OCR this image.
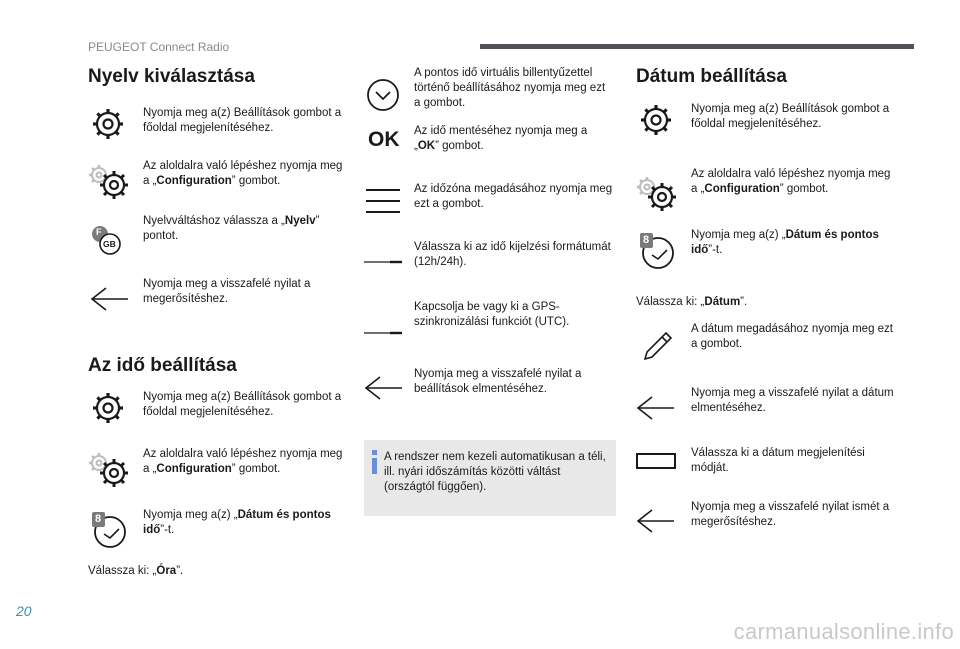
PEUGEOT Connect Radio
Nyelv kiválasztása
Nyomja meg a(z) Beállítások gombot a főoldal megjelenítéséhez.
Az aloldalra való lépéshez nyomja meg a „Configuration” gombot.
F
GB
Nyelvváltáshoz válassza a „Nyelv” pontot.
Nyomja meg a visszafelé nyilat a megerősítéshez.
Az idő beállítása
Nyomja meg a(z) Beállítások gombot a főoldal megjelenítéséhez.
Az aloldalra való lépéshez nyomja meg a „Configuration” gombot.
8	Nyomja meg a(z) „Dátum és pontos idő”-t.
Válassza ki: „Óra”.
A pontos idő virtuális billentyűzettel történő beállításához nyomja meg ezt a gombot.
OK Az idő mentéséhez nyomja meg a „OK” gombot.
Az időzóna megadásához nyomja meg ezt a gombot.
Válassza ki az idő kijelzési formátumát (12h/24h).
Kapcsolja be vagy ki a GPS-szinkronizálási funkciót (UTC).
Nyomja meg a visszafelé nyilat a beállítások elmentéséhez.
A rendszer nem kezeli automatikusan a téli, ill. nyári időszámítás közötti váltást (országtól függően).
Dátum beállítása
Nyomja meg a(z) Beállítások gombot a főoldal megjelenítéséhez.
Az aloldalra való lépéshez nyomja meg a „Configuration” gombot.
8	Nyomja meg a(z) „Dátum és pontos idő”-t.
Válassza ki: „Dátum”.
A dátum megadásához nyomja meg ezt a gombot.
Nyomja meg a visszafelé nyilat a dátum elmentéséhez.
Válassza ki a dátum megjelenítési módját.
Nyomja meg a visszafelé nyilat ismét a megerősítéshez.
20
carmanualsonline.info
